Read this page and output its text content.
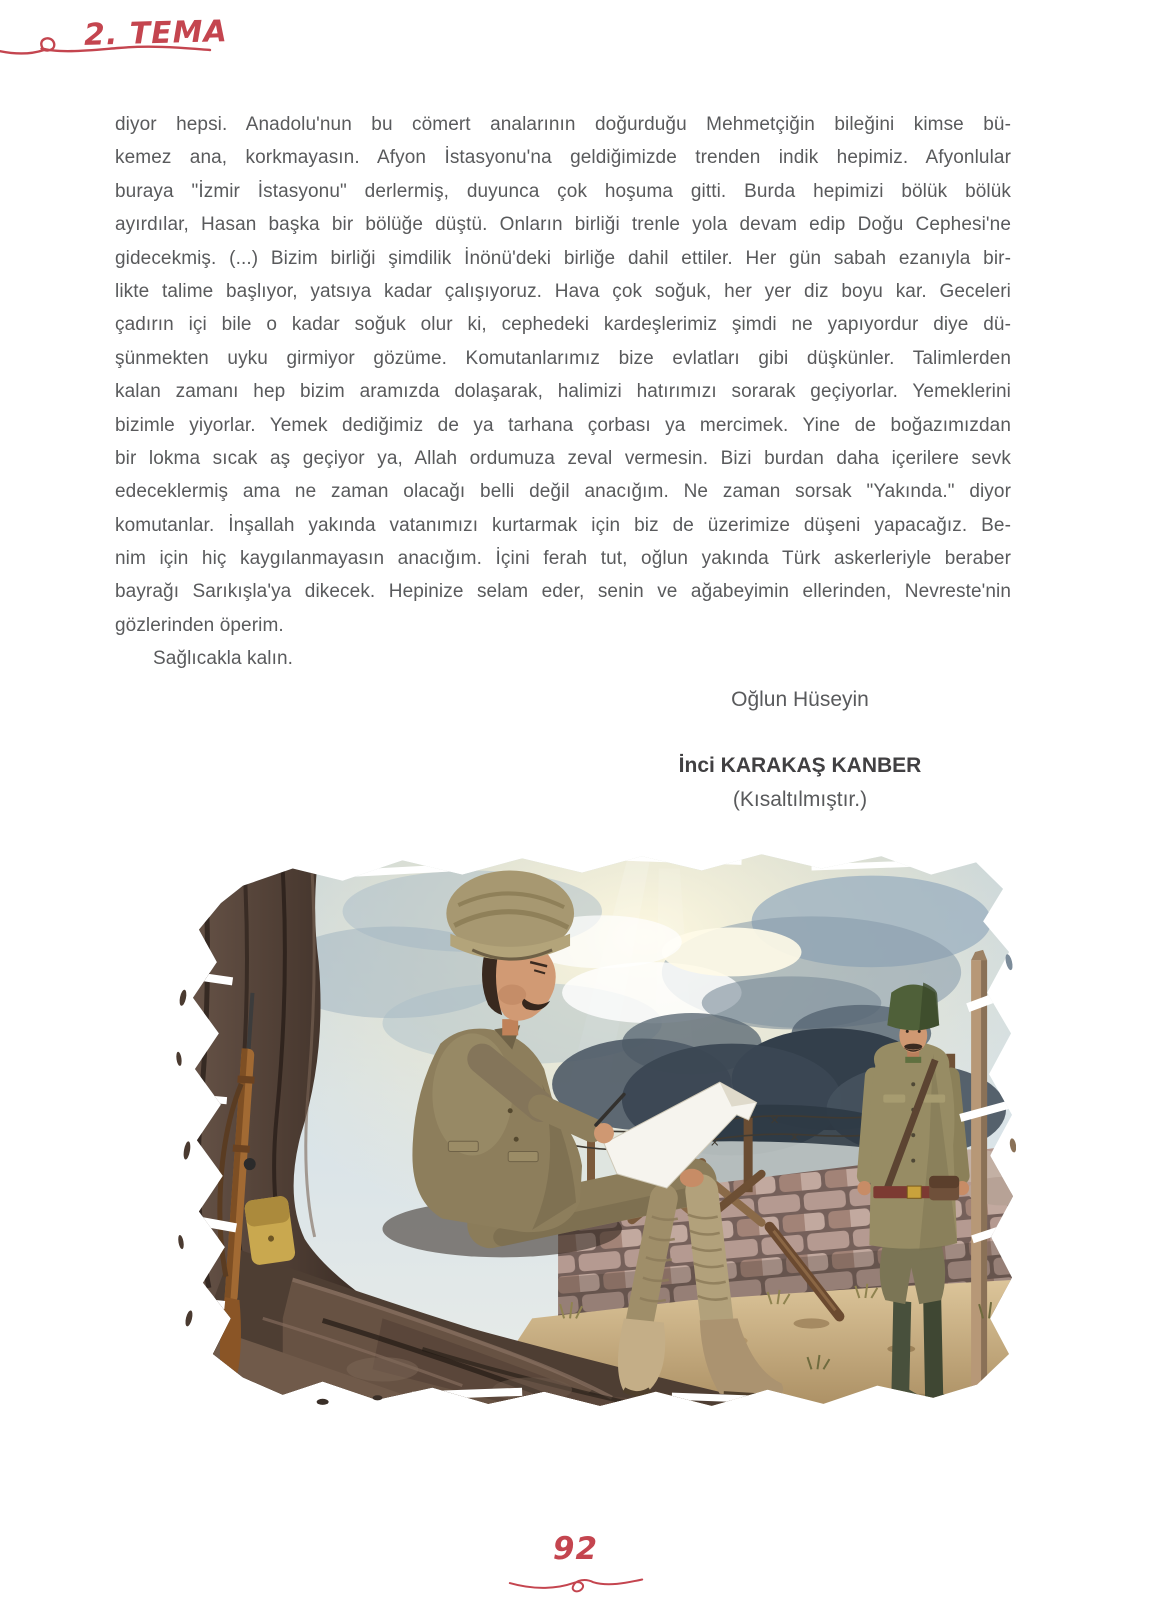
2. TEMA
diyor hepsi. Anadolu'nun bu cömert analarının doğurduğu Mehmetçiğin bileğini kimse bü-
kemez ana, korkmayasın. Afyon İstasyonu'na geldiğimizde trenden indik hepimiz. Afyonlular
buraya "İzmir İstasyonu" derlermiş, duyunca çok hoşuma gitti. Burda hepimizi bölük bölük
ayırdılar, Hasan başka bir bölüğe düştü. Onların birliği trenle yola devam edip Doğu Cephesi'ne
gidecekmiş. (...) Bizim birliği şimdilik İnönü'deki birliğe dahil ettiler. Her gün sabah ezanıyla bir-
likte talime başlıyor, yatsıya kadar çalışıyoruz. Hava çok soğuk, her yer diz boyu kar. Geceleri
çadırın içi bile o kadar soğuk olur ki, cephedeki kardeşlerimiz şimdi ne yapıyordur diye dü-
şünmekten uyku girmiyor gözüme. Komutanlarımız bize evlatları gibi düşkünler. Talimlerden
kalan zamanı hep bizim aramızda dolaşarak, halimizi hatırımızı sorarak geçiyorlar. Yemeklerini
bizimle yiyorlar. Yemek dediğimiz de ya tarhana çorbası ya mercimek. Yine de boğazımızdan
bir lokma sıcak aş geçiyor ya, Allah ordumuza zeval vermesin. Bizi burdan daha içerilere sevk
edeceklermiş ama ne zaman olacağı belli değil anacığım. Ne zaman sorsak "Yakında." diyor
komutanlar. İnşallah yakında vatanımızı kurtarmak için biz de üzerimize düşeni yapacağız. Be-
nim için hiç kaygılanmayasın anacığım. İçini ferah tut, oğlun yakında Türk askerleriyle beraber
bayrağı Sarıkışla'ya dikecek. Hepinize selam eder, senin ve ağabeyimin ellerinden, Nevreste'nin
gözlerinden öperim.
Sağlıcakla kalın.
Oğlun Hüseyin
İnci KARAKAŞ KANBER
(Kısaltılmıştır.)
92
